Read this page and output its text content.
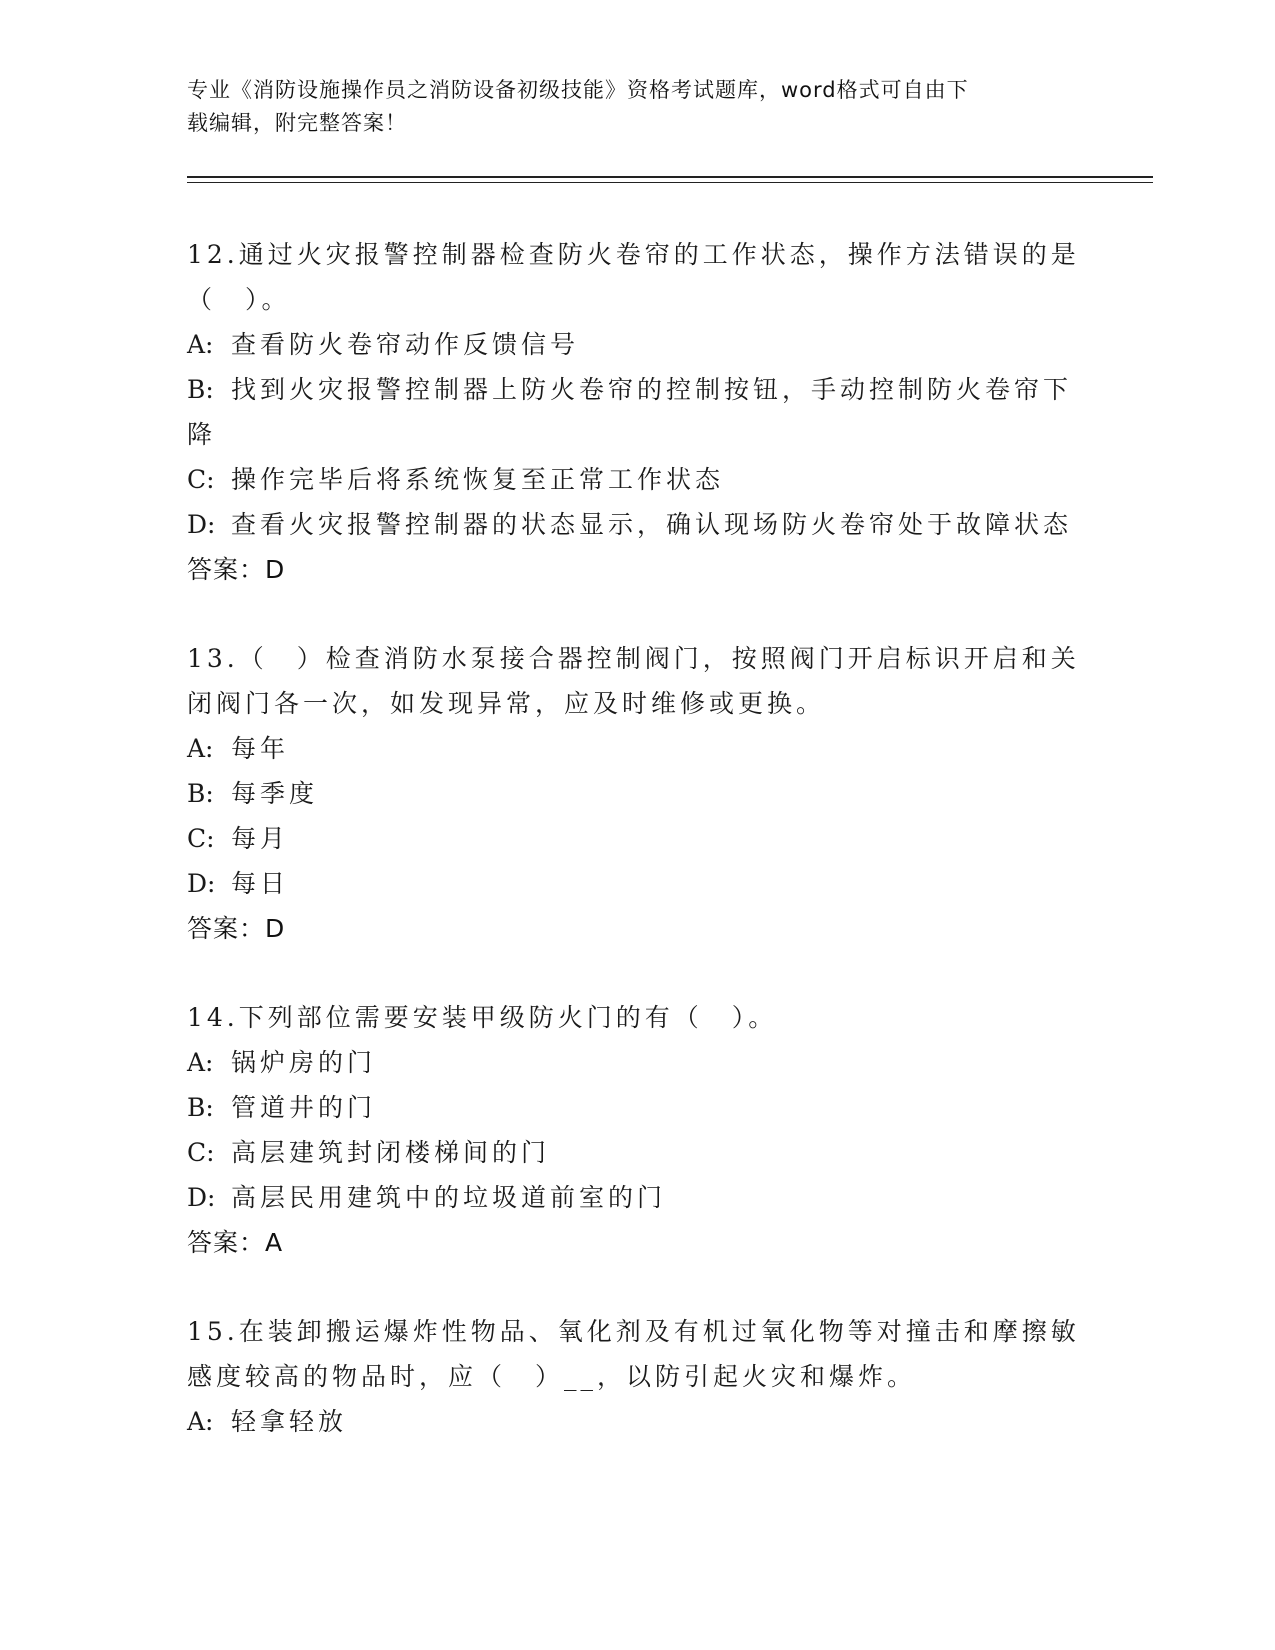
专业《消防设施操作员之消防设备初级技能》资格考试题库，word格式可自由下
载编辑，附完整答案！
12.通过火灾报警控制器检查防火卷帘的工作状态，操作方法错误的是
（　）。
A: 查看防火卷帘动作反馈信号
B: 找到火灾报警控制器上防火卷帘的控制按钮，手动控制防火卷帘下
降
C: 操作完毕后将系统恢复至正常工作状态
D: 查看火灾报警控制器的状态显示，确认现场防火卷帘处于故障状态
答案：D
13.（　）检查消防水泵接合器控制阀门，按照阀门开启标识开启和关
闭阀门各一次，如发现异常，应及时维修或更换。
A: 每年
B: 每季度
C: 每月
D: 每日
答案：D
14.下列部位需要安装甲级防火门的有（　）。
A: 锅炉房的门
B: 管道井的门
C: 高层建筑封闭楼梯间的门
D: 高层民用建筑中的垃圾道前室的门
答案：A
15.在装卸搬运爆炸性物品、氧化剂及有机过氧化物等对撞击和摩擦敏
感度较高的物品时，应（　）__，以防引起火灾和爆炸。
A: 轻拿轻放
